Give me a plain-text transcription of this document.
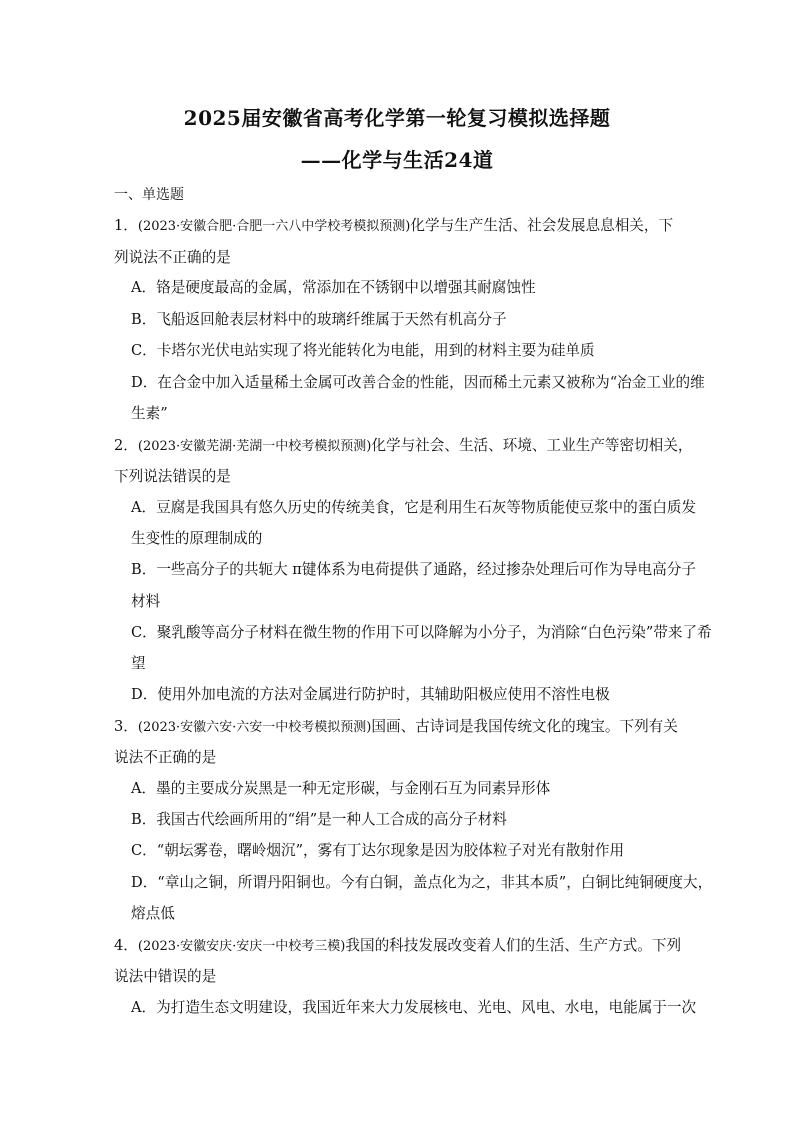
2025届安徽省高考化学第一轮复习模拟选择题
——化学与生活24道
一、单选题
1．(2023·安徽合肥·合肥一六八中学校考模拟预测)化学与生产生活、社会发展息息相关，下
列说法不正确的是
A．铬是硬度最高的金属，常添加在不锈钢中以增强其耐腐蚀性
B．飞船返回舱表层材料中的玻璃纤维属于天然有机高分子
C．卡塔尔光伏电站实现了将光能转化为电能，用到的材料主要为硅单质
D．在合金中加入适量稀土金属可改善合金的性能，因而稀土元素又被称为“冶金工业的维
生素”
2．(2023·安徽芜湖·芜湖一中校考模拟预测)化学与社会、生活、环境、工业生产等密切相关，
下列说法错误的是
A．豆腐是我国具有悠久历史的传统美食，它是利用生石灰等物质能使豆浆中的蛋白质发
生变性的原理制成的
B．一些高分子的共轭大 π键体系为电荷提供了通路，经过掺杂处理后可作为导电高分子
材料
C．聚乳酸等高分子材料在微生物的作用下可以降解为小分子，为消除“白色污染”带来了希
望
D．使用外加电流的方法对金属进行防护时，其辅助阳极应使用不溶性电极
3．(2023·安徽六安·六安一中校考模拟预测)国画、古诗词是我国传统文化的瑰宝。下列有关
说法不正确的是
A．墨的主要成分炭黑是一种无定形碳，与金刚石互为同素异形体
B．我国古代绘画所用的“绢”是一种人工合成的高分子材料
C．“朝坛雾卷，曙岭烟沉”，雾有丁达尔现象是因为胶体粒子对光有散射作用
D．“章山之铜，所谓丹阳铜也。今有白铜，盖点化为之，非其本质”，白铜比纯铜硬度大，
熔点低
4．(2023·安徽安庆·安庆一中校考三模)我国的科技发展改变着人们的生活、生产方式。下列
说法中错误的是
A．为打造生态文明建设，我国近年来大力发展核电、光电、风电、水电，电能属于一次
